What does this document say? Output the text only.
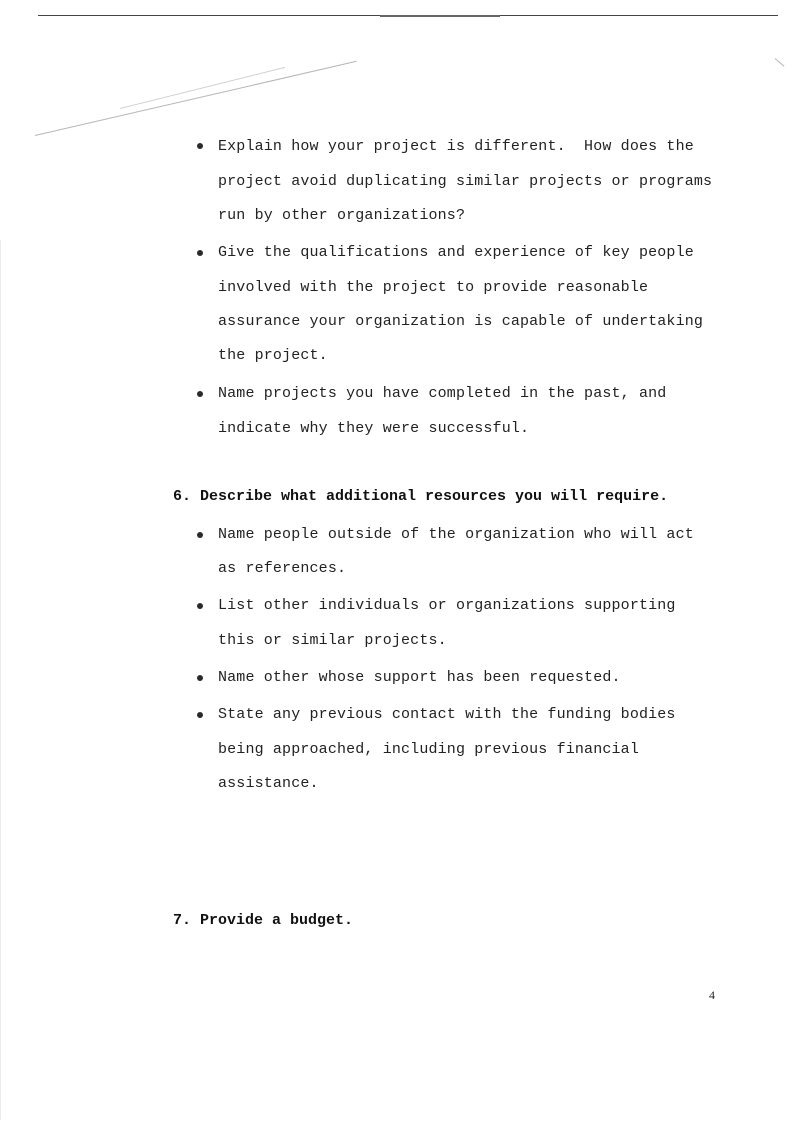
Explain how your project is different.  How does the
project avoid duplicating similar projects or programs
run by other organizations?
Give the qualifications and experience of key people
involved with the project to provide reasonable
assurance your organization is capable of undertaking
the project.
Name projects you have completed in the past, and
indicate why they were successful.
6. Describe what additional resources you will require.
Name people outside of the organization who will act
as references.
List other individuals or organizations supporting
this or similar projects.
Name other whose support has been requested.
State any previous contact with the funding bodies
being approached, including previous financial
assistance.
7. Provide a budget.
4
